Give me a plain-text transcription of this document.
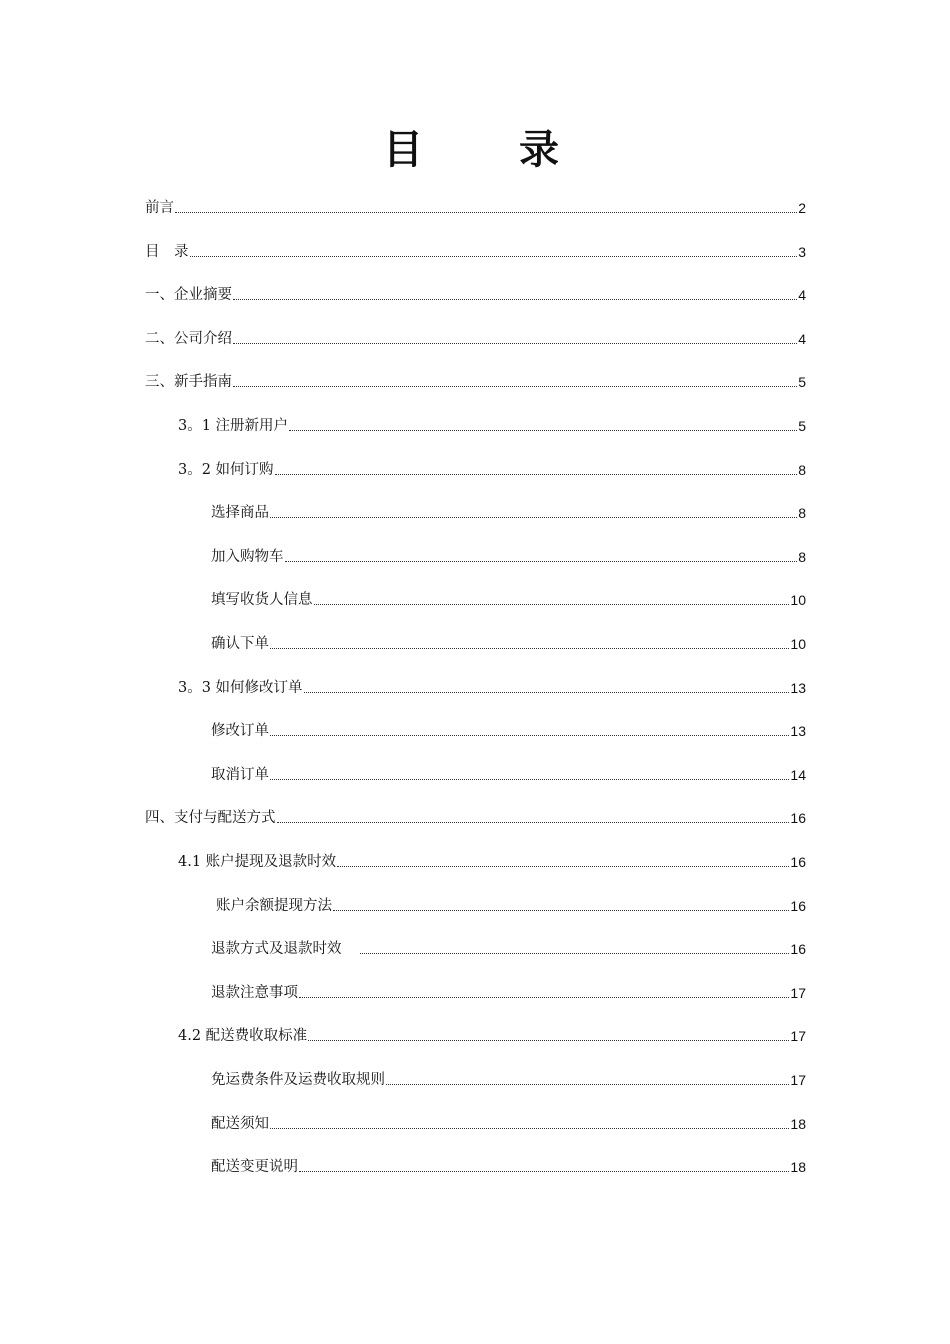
目　录
前言	2
目　录	3
一、企业摘要	4
二、公司介绍	4
三、新手指南	5
3。1 注册新用户	5
3。2 如何订购	8
选择商品	8
加入购物车	8
填写收货人信息	10
确认下单	10
3。3 如何修改订单	13
修改订单	13
取消订单	14
四、支付与配送方式	16
4.1 账户提现及退款时效	16
账户余额提现方法	16
退款方式及退款时效	16
退款注意事项	17
4.2 配送费收取标准	17
免运费条件及运费收取规则	17
配送须知	18
配送变更说明	18
